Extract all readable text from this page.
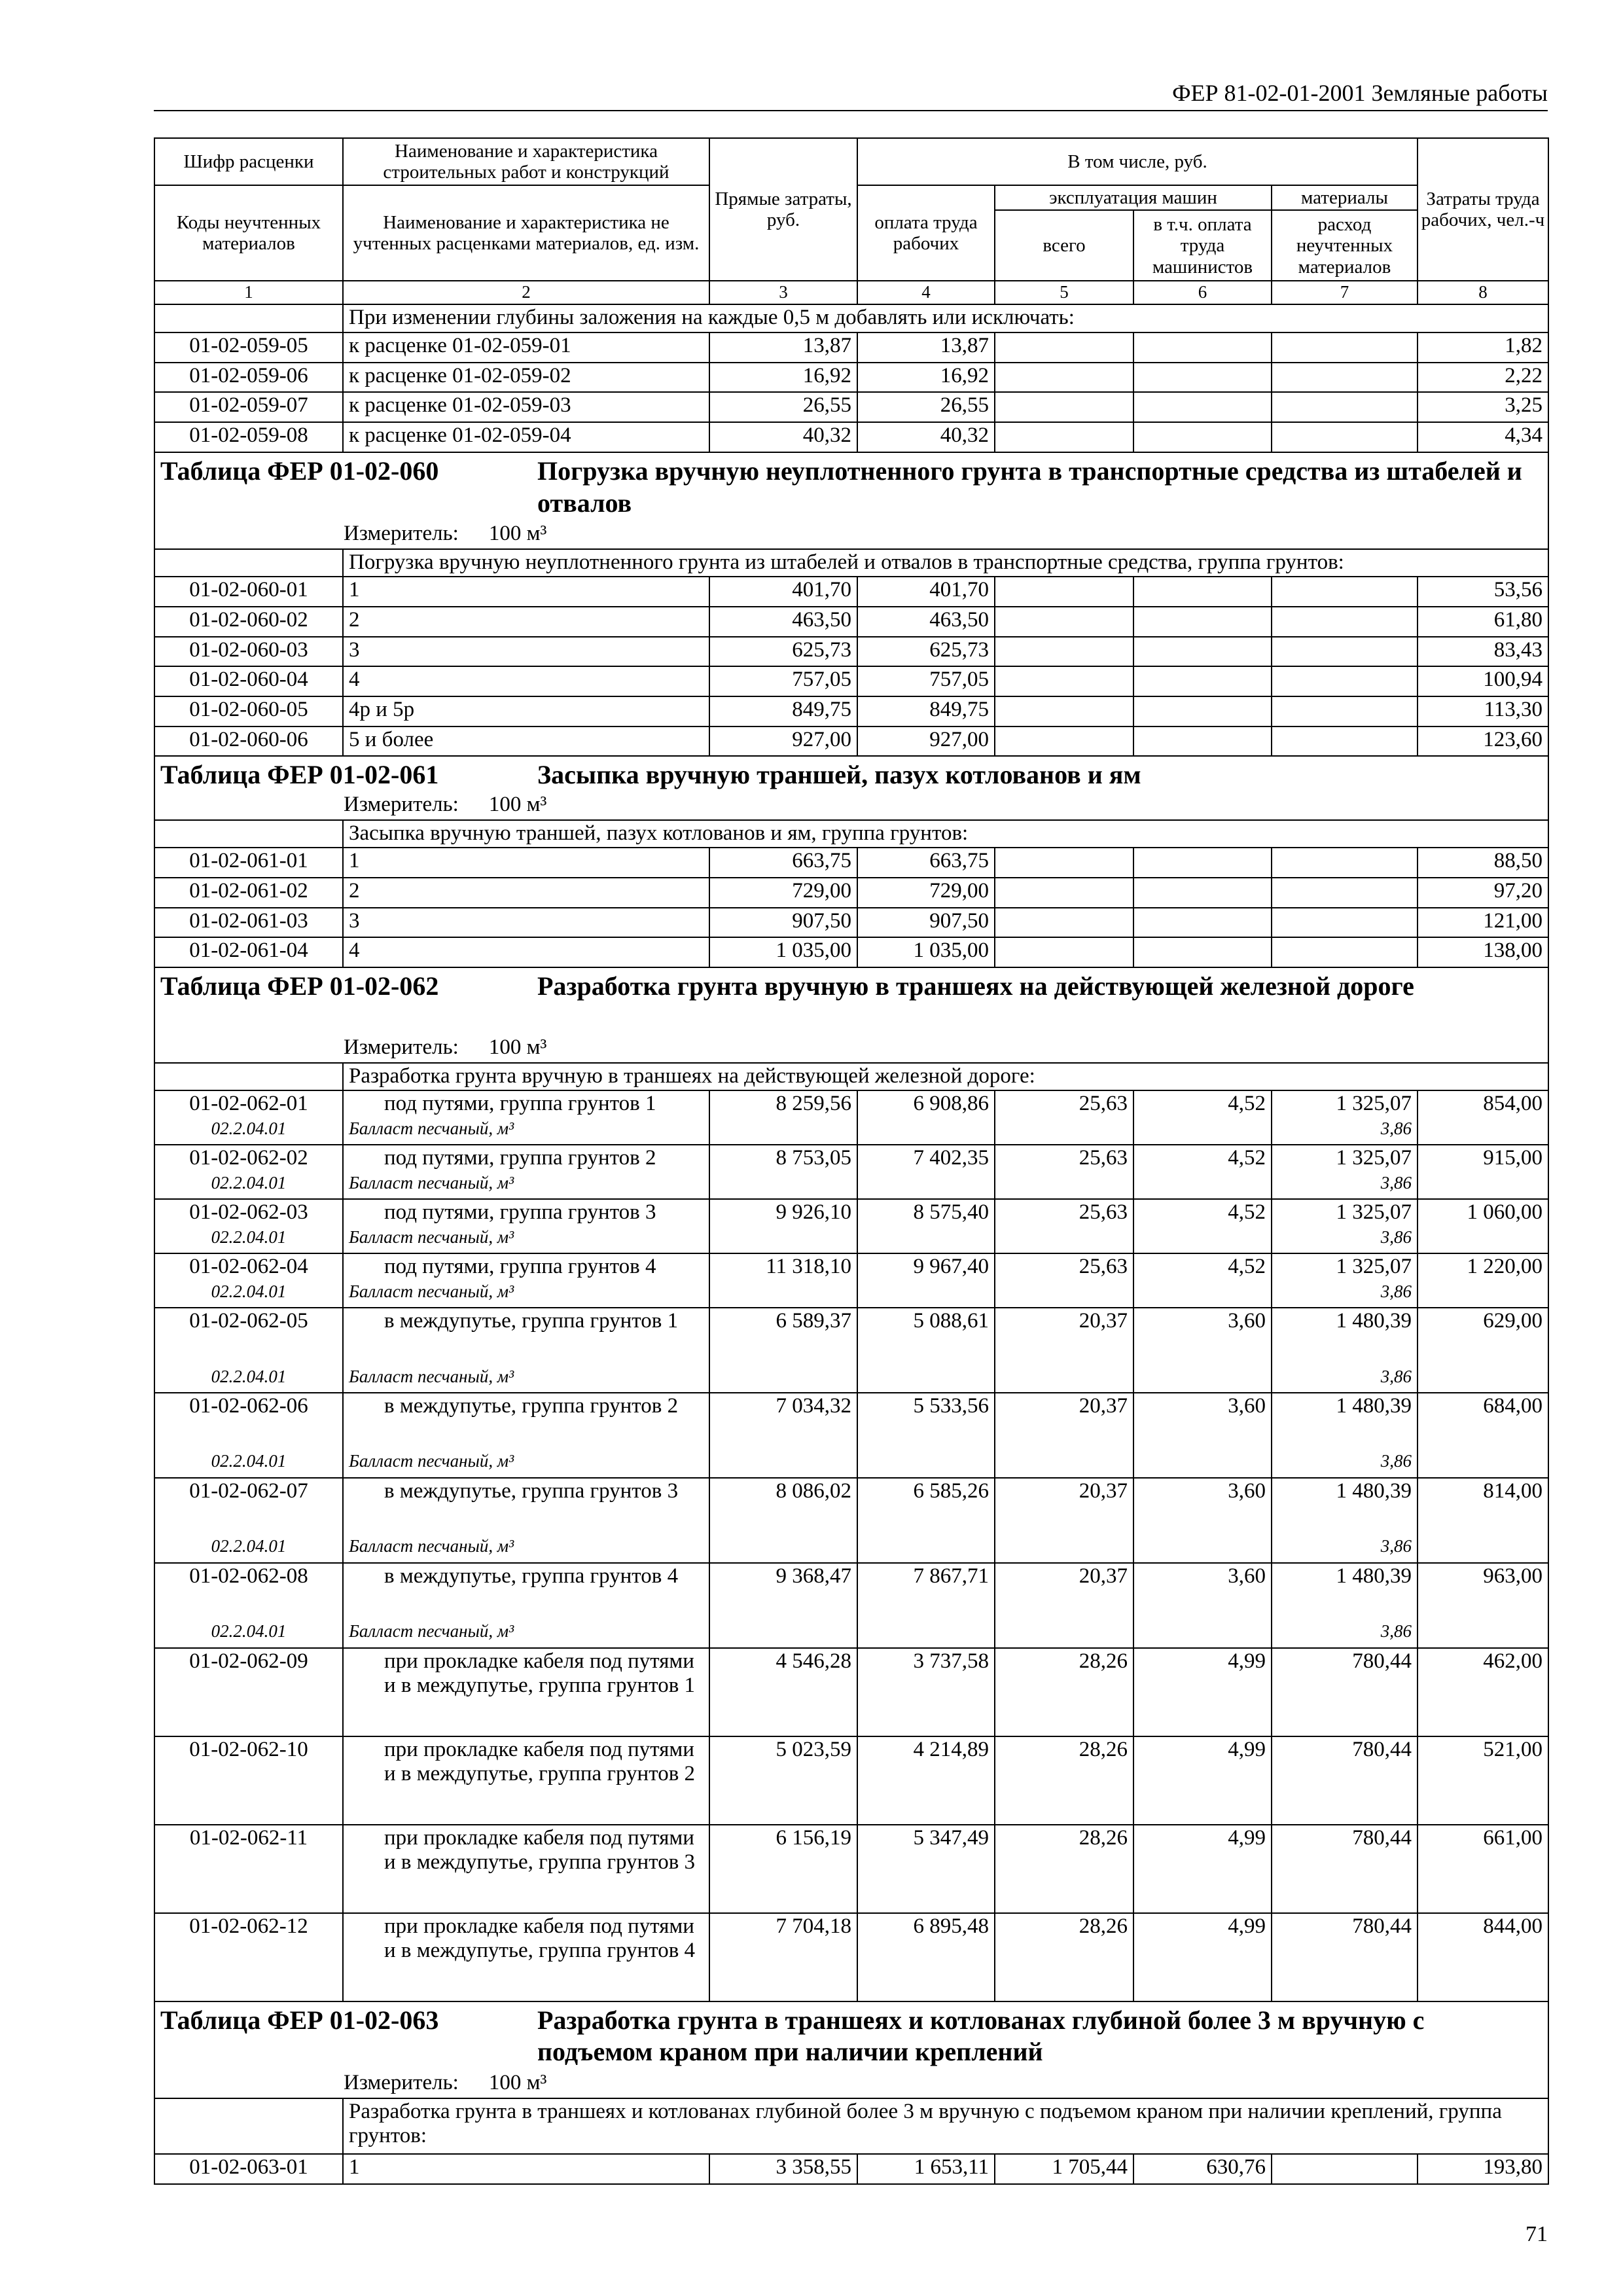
ФЕР 81-02-01-2001 Земляные работы
Шифр расценки	Наименование и характеристика строительных работ и конструкций	Прямые затраты, руб.	В том числе, руб.				Затраты труда рабочих, чел.-ч
Коды неучтенных материалов	Наименование и характеристика не учтенных расценками материалов, ед. изм.		оплата труда рабочих	эксплуатация машин		материалы	
				всего	в т.ч. оплата труда машинистов	расход неучтенных материалов	
1	2	3	4	5	6	7	8
	При изменении глубины заложения на каждые 0,5 м добавлять или исключать:						
01-02-059-05	к расценке 01-02-059-01	13,87	13,87				1,82
01-02-059-06	к расценке 01-02-059-02	16,92	16,92				2,22
01-02-059-07	к расценке 01-02-059-03	26,55	26,55				3,25
01-02-059-08	к расценке 01-02-059-04	40,32	40,32				4,34
Таблица ФЕР 01-02-060 Погрузка вручную неуплотненного грунта в транспортные средства из штабелей и отвалов							
Измеритель: 100 м³							
	Погрузка вручную неуплотненного грунта из штабелей и отвалов в транспортные средства, группа грунтов:						
01-02-060-01	1	401,70	401,70				53,56
01-02-060-02	2	463,50	463,50				61,80
01-02-060-03	3	625,73	625,73				83,43
01-02-060-04	4	757,05	757,05				100,94
01-02-060-05	4р и 5р	849,75	849,75				113,30
01-02-060-06	5 и более	927,00	927,00				123,60
Таблица ФЕР 01-02-061 Засыпка вручную траншей, пазух котлованов и ям							
Измеритель: 100 м³							
	Засыпка вручную траншей, пазух котлованов и ям, группа грунтов:						
01-02-061-01	1	663,75	663,75				88,50
01-02-061-02	2	729,00	729,00				97,20
01-02-061-03	3	907,50	907,50				121,00
01-02-061-04	4	1 035,00	1 035,00				138,00
Таблица ФЕР 01-02-062 Разработка грунта вручную в траншеях на действующей железной дороге							
Измеритель: 100 м³							
	Разработка грунта вручную в траншеях на действующей железной дороге:						
01-02-062-01	под путями, группа грунтов 1	8 259,56	6 908,86	25,63	4,52	1 325,07	854,00
02.2.04.01	Балласт песчаный, м³					3,86	
01-02-062-02	под путями, группа грунтов 2	8 753,05	7 402,35	25,63	4,52	1 325,07	915,00
02.2.04.01	Балласт песчаный, м³					3,86	
01-02-062-03	под путями, группа грунтов 3	9 926,10	8 575,40	25,63	4,52	1 325,07	1 060,00
02.2.04.01	Балласт песчаный, м³					3,86	
01-02-062-04	под путями, группа грунтов 4	11 318,10	9 967,40	25,63	4,52	1 325,07	1 220,00
02.2.04.01	Балласт песчаный, м³					3,86	
01-02-062-05	в междупутье, группа грунтов 1	6 589,37	5 088,61	20,37	3,60	1 480,39	629,00
02.2.04.01	Балласт песчаный, м³					3,86	
01-02-062-06	в междупутье, группа грунтов 2	7 034,32	5 533,56	20,37	3,60	1 480,39	684,00
02.2.04.01	Балласт песчаный, м³					3,86	
01-02-062-07	в междупутье, группа грунтов 3	8 086,02	6 585,26	20,37	3,60	1 480,39	814,00
02.2.04.01	Балласт песчаный, м³					3,86	
01-02-062-08	в междупутье, группа грунтов 4	9 368,47	7 867,71	20,37	3,60	1 480,39	963,00
02.2.04.01	Балласт песчаный, м³					3,86	
01-02-062-09	при прокладке кабеля под путями и в междупутье, группа грунтов 1	4 546,28	3 737,58	28,26	4,99	780,44	462,00
01-02-062-10	при прокладке кабеля под путями и в междупутье, группа грунтов 2	5 023,59	4 214,89	28,26	4,99	780,44	521,00
01-02-062-11	при прокладке кабеля под путями и в междупутье, группа грунтов 3	6 156,19	5 347,49	28,26	4,99	780,44	661,00
01-02-062-12	при прокладке кабеля под путями и в междупутье, группа грунтов 4	7 704,18	6 895,48	28,26	4,99	780,44	844,00
Таблица ФЕР 01-02-063 Разработка грунта в траншеях и котлованах глубиной более 3 м вручную с подъемом краном при наличии креплений							
Измеритель: 100 м³							
	Разработка грунта в траншеях и котлованах глубиной более 3 м вручную с подъемом краном при наличии креплений, группа грунтов:						
01-02-063-01	1	3 358,55	1 653,11	1 705,44	630,76		193,80
71
